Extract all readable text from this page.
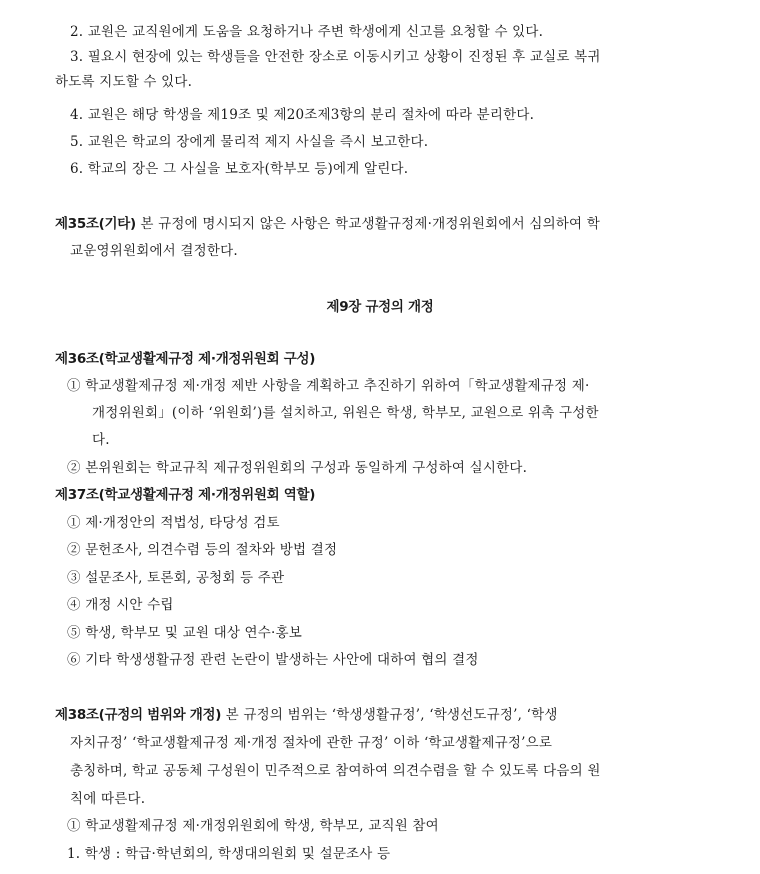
2. 교원은 교직원에게 도움을 요청하거나 주변 학생에게 신고를 요청할 수 있다.
3. 필요시 현장에 있는 학생들을 안전한 장소로 이동시키고 상황이 진정된 후 교실로 복귀
하도록 지도할 수 있다.
4. 교원은 해당 학생을 제19조 및 제20조제3항의 분리 절차에 따라 분리한다.
5. 교원은 학교의 장에게 물리적 제지 사실을 즉시 보고한다.
6. 학교의 장은 그 사실을 보호자(학부모 등)에게 알린다.
제35조(기타) 본 규정에 명시되지 않은 사항은 학교생활규정제·개정위원회에서 심의하여 학
교운영위원회에서 결정한다.
제9장 규정의 개정
제36조(학교생활제규정 제·개정위원회 구성)
① 학교생활제규정 제·개정 제반 사항을 계획하고 추진하기 위하여「학교생활제규정 제·
개정위원회」(이하 ‘위원회’)를 설치하고, 위원은 학생, 학부모, 교원으로 위촉 구성한
다.
② 본위원회는 학교규칙 제규정위원회의 구성과 동일하게 구성하여 실시한다.
제37조(학교생활제규정 제·개정위원회 역할)
① 제·개정안의 적법성, 타당성 검토
② 문헌조사, 의견수렴 등의 절차와 방법 결정
③ 설문조사, 토론회, 공청회 등 주관
④ 개정 시안 수립
⑤ 학생, 학부모 및 교원 대상 연수·홍보
⑥ 기타 학생생활규정 관련 논란이 발생하는 사안에 대하여 협의 결정
제38조(규정의 범위와 개정) 본 규정의 범위는 ‘학생생활규정’, ‘학생선도규정’, ‘학생
자치규정’ ‘학교생활제규정 제·개정 절차에 관한 규정’ 이하 ‘학교생활제규정’으로
총칭하며, 학교 공동체 구성원이 민주적으로 참여하여 의견수렴을 할 수 있도록 다음의 원
칙에 따른다.
① 학교생활제규정 제·개정위원회에 학생, 학부모, 교직원 참여
1. 학생 : 학급·학년회의, 학생대의원회 및 설문조사 등
